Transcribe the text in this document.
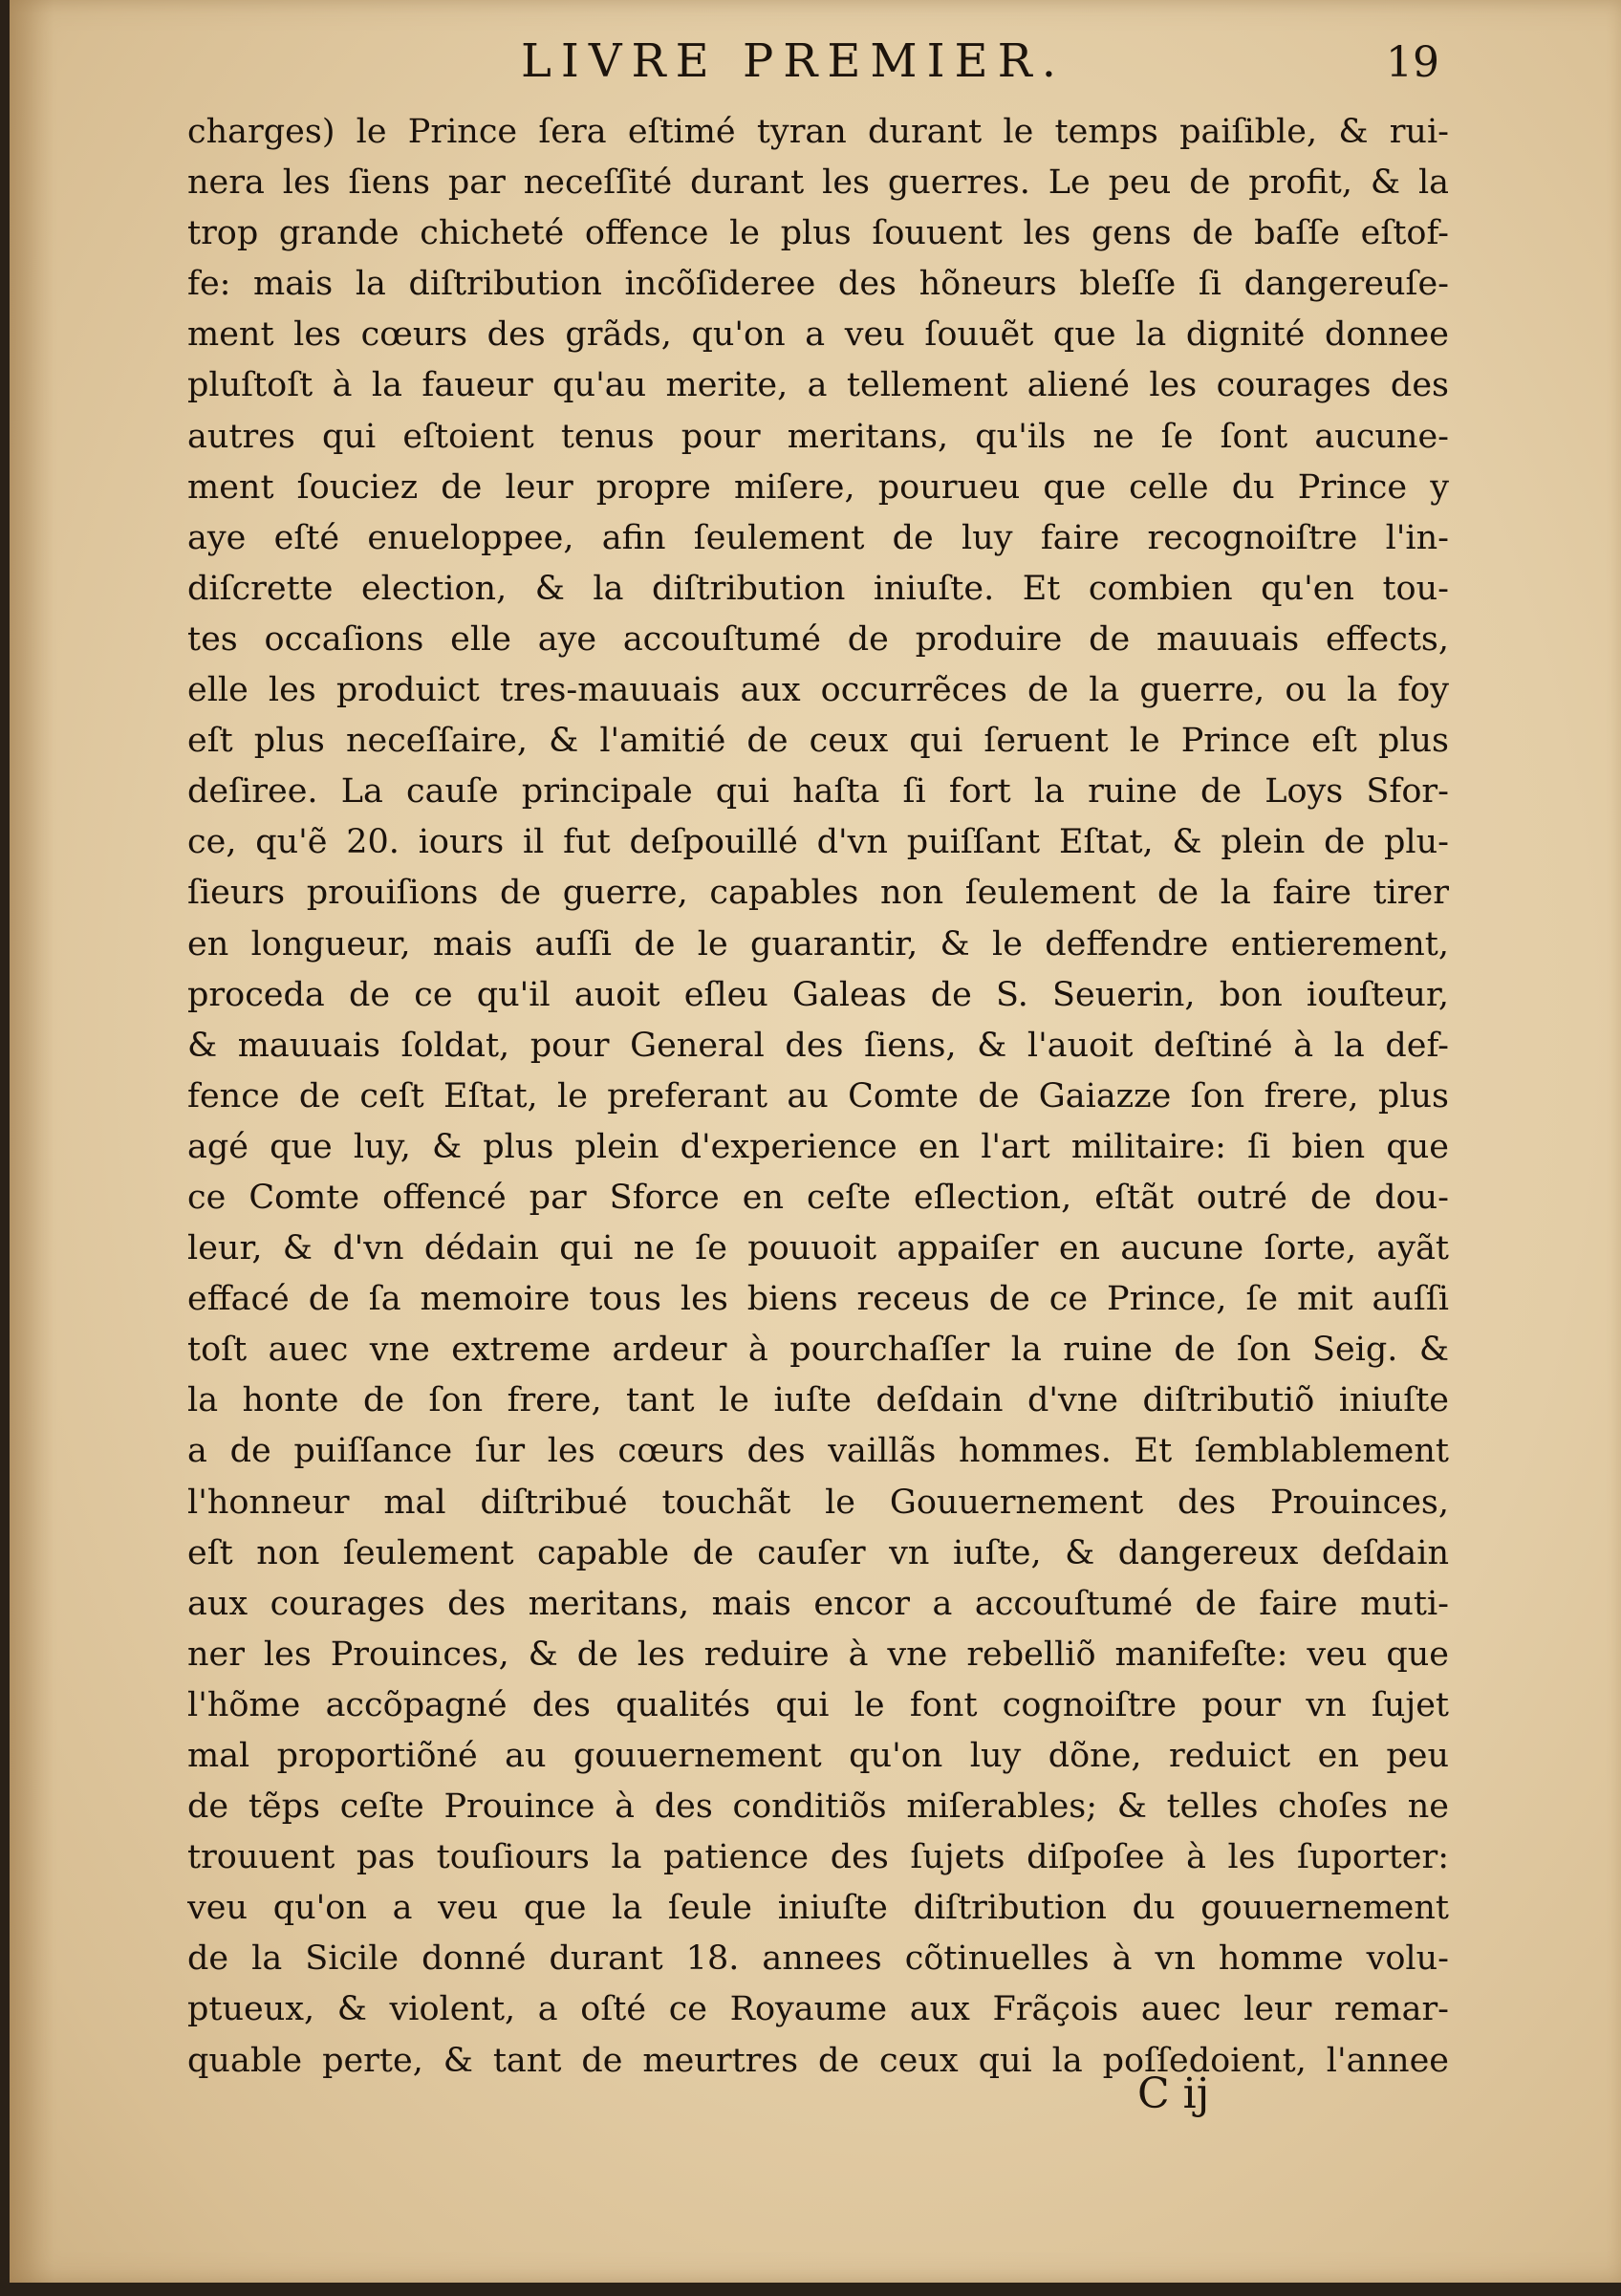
LIVRE PREMIER.	19
charges) le Prince ſera eſtimé tyran durant le temps paiſible, & rui-
nera les ſiens par neceſſité durant les guerres. Le peu de profit, & la
trop grande chicheté offence le plus ſouuent les gens de baſſe eſtof-
fe: mais la diſtribution incõſideree des hõneurs bleſſe ſi dangereuſe-
ment les cœurs des grãds, qu'on a veu ſouuẽt que la dignité donnee
pluſtoſt à la faueur qu'au merite, a tellement aliené les courages des
autres qui eſtoient tenus pour meritans, qu'ils ne ſe ſont aucune-
ment ſouciez de leur propre miſere, pourueu que celle du Prince y
aye eſté enueloppee, afin ſeulement de luy faire recognoiſtre l'in-
diſcrette election, & la diſtribution iniuſte. Et combien qu'en tou-
tes occaſions elle aye accouſtumé de produire de mauuais effects,
elle les produict tres-mauuais aux occurrẽces de la guerre, ou la foy
eſt plus neceſſaire, & l'amitié de ceux qui ſeruent le Prince eſt plus
deſiree. La cauſe principale qui haſta ſi fort la ruine de Loys Sfor-
ce, qu'ẽ 20. iours il fut deſpouillé d'vn puiſſant Eſtat, & plein de plu-
ſieurs prouiſions de guerre, capables non ſeulement de la faire tirer
en longueur, mais auſſi de le guarantir, & le deffendre entierement,
proceda de ce qu'il auoit eſleu Galeas de S. Seuerin, bon iouſteur,
& mauuais ſoldat, pour General des ſiens, & l'auoit deſtiné à la def-
fence de ceſt Eſtat, le preferant au Comte de Gaiazze ſon frere, plus
agé que luy, & plus plein d'experience en l'art militaire: ſi bien que
ce Comte offencé par Sforce en ceſte eſlection, eſtãt outré de dou-
leur, & d'vn dédain qui ne ſe pouuoit appaiſer en aucune ſorte, ayãt
effacé de ſa memoire tous les biens receus de ce Prince, ſe mit auſſi
toſt auec vne extreme ardeur à pourchaſſer la ruine de ſon Seig. &
la honte de ſon frere, tant le iuſte deſdain d'vne diſtributiõ iniuſte
a de puiſſance ſur les cœurs des vaillãs hommes. Et ſemblablement
l'honneur mal diſtribué touchãt le Gouuernement des Prouinces,
eſt non ſeulement capable de cauſer vn iuſte, & dangereux deſdain
aux courages des meritans, mais encor a accouſtumé de faire muti-
ner les Prouinces, & de les reduire à vne rebelliõ manifeſte: veu que
l'hõme accõpagné des qualités qui le font cognoiſtre pour vn ſujet
mal proportiõné au gouuernement qu'on luy dõne, reduict en peu
de tẽps ceſte Prouince à des conditiõs miſerables; & telles choſes ne
trouuent pas touſiours la patience des ſujets diſpoſee à les ſuporter:
veu qu'on a veu que la ſeule iniuſte diſtribution du gouuernement
de la Sicile donné durant 18. annees cõtinuelles à vn homme volu-
ptueux, & violent, a oſté ce Royaume aux Frãçois auec leur remar-
quable perte, & tant de meurtres de ceux qui la poſſedoient, l'annee
C ij
